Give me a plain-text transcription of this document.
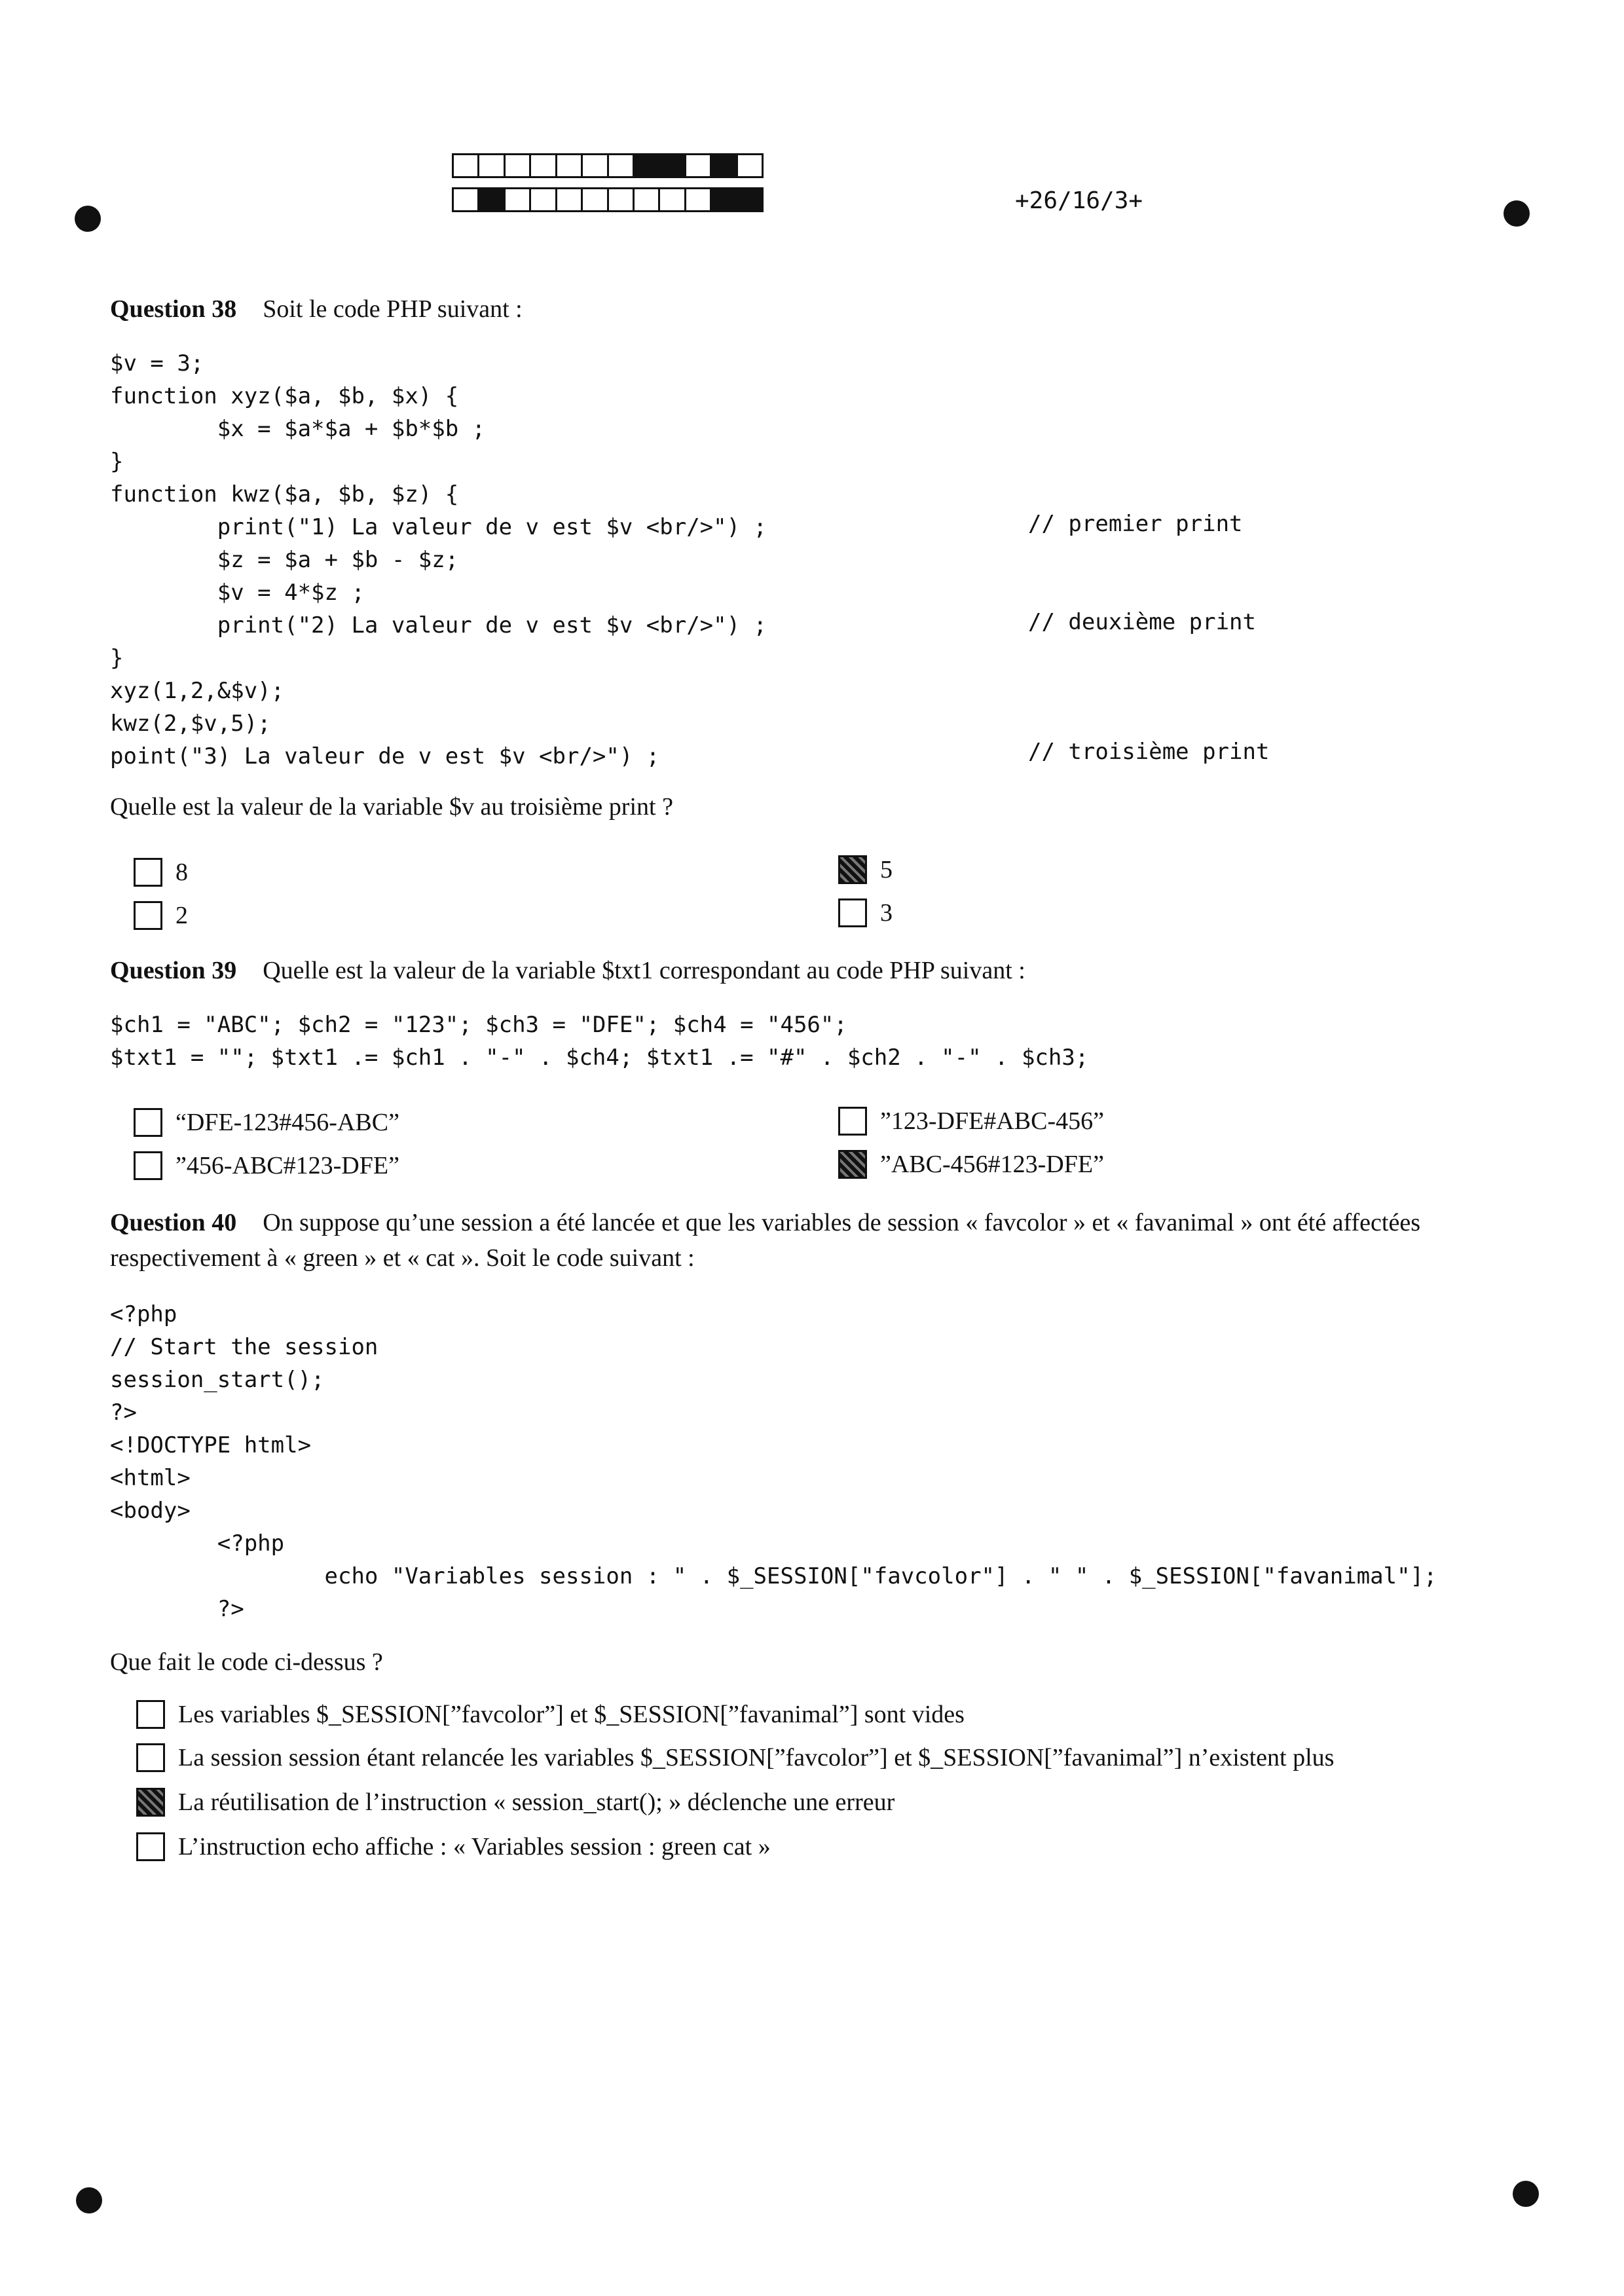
+26/16/3+
Question 38 Soit le code PHP suivant :
$v = 3;
function xyz($a, $b, $x) {
$x = $a*$a + $b*$b ;
}
function kwz($a, $b, $z) {
print("1) La valeur de v est $v <br/>") ;
$z = $a + $b - $z;
$v = 4*$z ;
print("2) La valeur de v est $v <br/>") ;
}
xyz(1,2,&$v);
kwz(2,$v,5);
point("3) La valeur de v est $v <br/>") ;
// premier print
// deuxième print
// troisième print
Quelle est la valeur de la variable $v au troisième print ?
8	5
2	3
Question 39 Quelle est la valeur de la variable $txt1 correspondant au code PHP suivant :
$ch1 = "ABC"; $ch2 = "123"; $ch3 = "DFE"; $ch4 = "456";
$txt1 = ""; $txt1 .= $ch1 . "-" . $ch4; $txt1 .= "#" . $ch2 . "-" . $ch3;
“DFE-123#456-ABC”	”123-DFE#ABC-456”
”456-ABC#123-DFE”	”ABC-456#123-DFE”
Question 40 On suppose qu’une session a été lancée et que les variables de session « favcolor » et « favanimal » ont été affectées respectivement à « green » et « cat ». Soit le code suivant :
<?php
// Start the session
session_start();
?>
<!DOCTYPE html>
<html>
<body>
<?php
echo "Variables session : " . $_SESSION["favcolor"] . " " . $_SESSION["favanimal"];
?>
Que fait le code ci-dessus ?
Les variables $_SESSION[”favcolor”] et $_SESSION[”favanimal”] sont vides
La session session étant relancée les variables $_SESSION[”favcolor”] et $_SESSION[”favanimal”] n’existent plus
La réutilisation de l’instruction « session_start(); » déclenche une erreur
L’instruction echo affiche : « Variables session : green cat »
